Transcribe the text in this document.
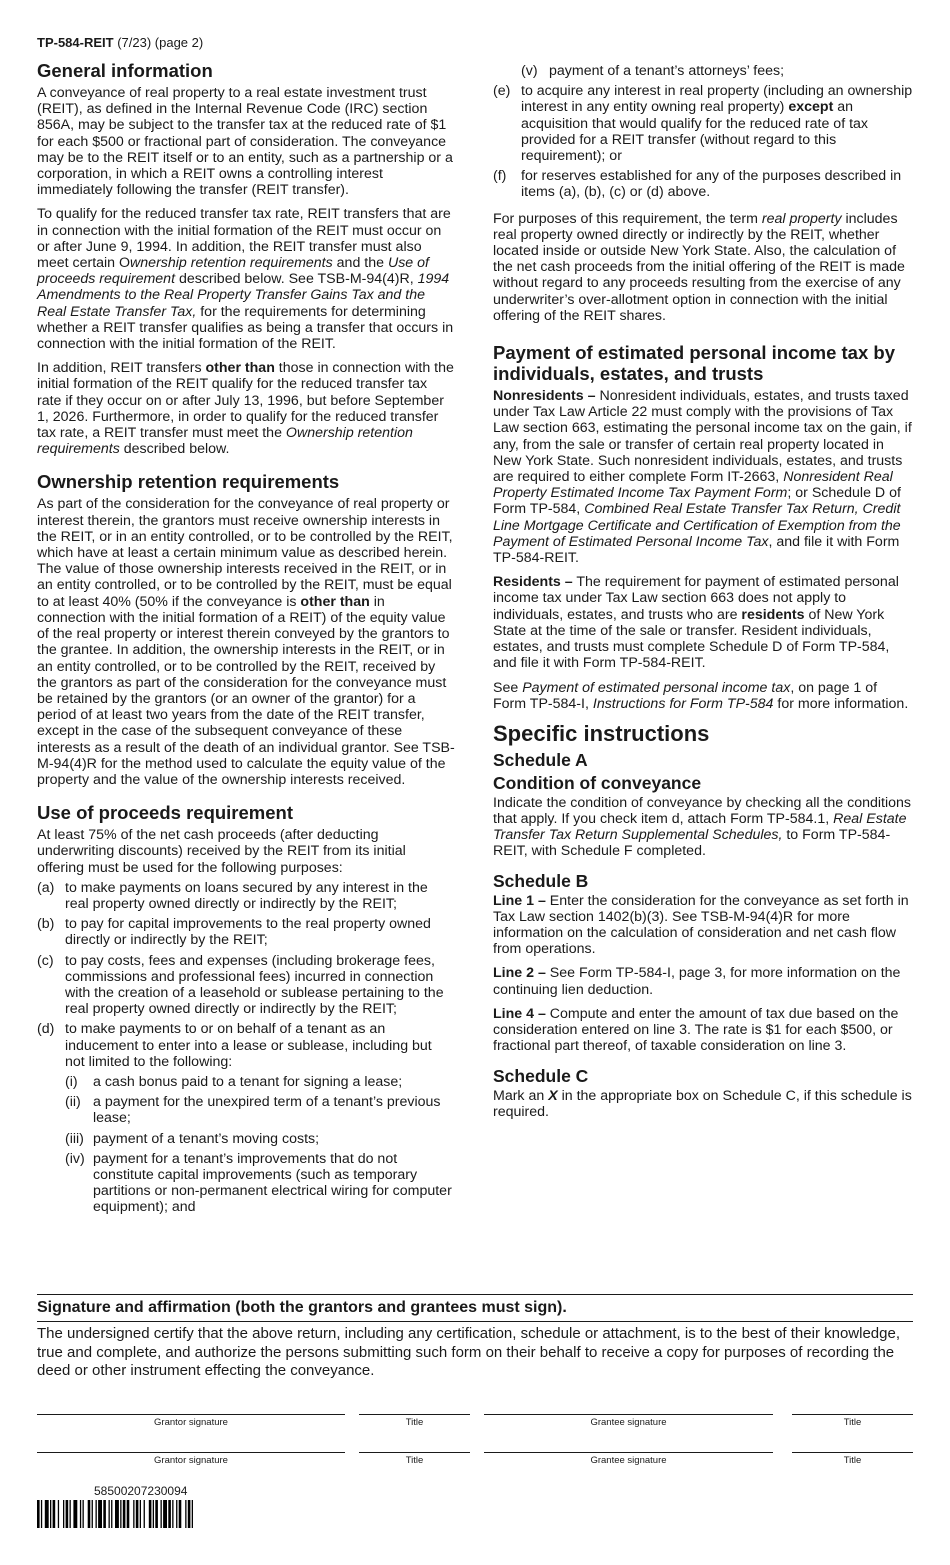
TP-584-REIT (7/23) (page 2)
General information

A conveyance of real property to a real estate investment trust (REIT), as defined in the Internal Revenue Code (IRC) section 856A, may be subject to the transfer tax at the reduced rate of $1 for each $500 or fractional part of consideration. The conveyance may be to the REIT itself or to an entity, such as a partnership or a corporation, in which a REIT owns a controlling interest immediately following the transfer (REIT transfer).

To qualify for the reduced transfer tax rate, REIT transfers that are in connection with the initial formation of the REIT must occur on or after June 9, 1994. In addition, the REIT transfer must also meet certain Ownership retention requirements and the Use of proceeds requirement described below. See TSB-M-94(4)R, 1994 Amendments to the Real Property Transfer Gains Tax and the Real Estate Transfer Tax, for the requirements for determining whether a REIT transfer qualifies as being a transfer that occurs in connection with the initial formation of the REIT.

In addition, REIT transfers other than those in connection with the initial formation of the REIT qualify for the reduced transfer tax rate if they occur on or after July 13, 1996, but before September 1, 2026. Furthermore, in order to qualify for the reduced transfer tax rate, a REIT transfer must meet the Ownership retention requirements described below.

Ownership retention requirements

As part of the consideration for the conveyance of real property or interest therein, the grantors must receive ownership interests in the REIT, or in an entity controlled, or to be controlled by the REIT, which have at least a certain minimum value as described herein. The value of those ownership interests received in the REIT, or in an entity controlled, or to be controlled by the REIT, must be equal to at least 40% (50% if the conveyance is other than in connection with the initial formation of a REIT) of the equity value of the real property or interest therein conveyed by the grantors to the grantee. In addition, the ownership interests in the REIT, or in an entity controlled, or to be controlled by the REIT, received by the grantors as part of the consideration for the conveyance must be retained by the grantors (or an owner of the grantor) for a period of at least two years from the date of the REIT transfer, except in the case of the subsequent conveyance of these interests as a result of the death of an individual grantor. See TSB-M-94(4)R for the method used to calculate the equity value of the property and the value of the ownership interests received.

Use of proceeds requirement

At least 75% of the net cash proceeds (after deducting underwriting discounts) received by the REIT from its initial offering must be used for the following purposes:

(a) to make payments on loans secured by any interest in the real property owned directly or indirectly by the REIT;
(b) to pay for capital improvements to the real property owned directly or indirectly by the REIT;
(c) to pay costs, fees and expenses (including brokerage fees, commissions and professional fees) incurred in connection with the creation of a leasehold or sublease pertaining to the real property owned directly or indirectly by the REIT;
(d) to make payments to or on behalf of a tenant as an inducement to enter into a lease or sublease, including but not limited to the following:
(i)	a cash bonus paid to a tenant for signing a lease;
(ii) a payment for the unexpired term of a tenant’s previous lease;
(iii) payment of a tenant’s moving costs;
(iv) payment for a tenant’s improvements that do not constitute capital improvements (such as temporary partitions or non-permanent electrical wiring for computer equipment); and
(v) payment of a tenant’s attorneys’ fees;
(e) to acquire any interest in real property (including an ownership interest in any entity owning real property) except an acquisition that would qualify for the reduced rate of tax provided for a REIT transfer (without regard to this requirement); or
(f)	for reserves established for any of the purposes described in items (a), (b), (c) or (d) above.

For purposes of this requirement, the term real property includes real property owned directly or indirectly by the REIT, whether located inside or outside New York State. Also, the calculation of the net cash proceeds from the initial offering of the REIT is made without regard to any proceeds resulting from the exercise of any underwriter’s over-allotment option in connection with the initial offering of the REIT shares.

Payment of estimated personal income tax by individuals, estates, and trusts

Nonresidents – Nonresident individuals, estates, and trusts taxed under Tax Law Article 22 must comply with the provisions of Tax Law section 663, estimating the personal income tax on the gain, if any, from the sale or transfer of certain real property located in New York State. Such nonresident individuals, estates, and trusts are required to either complete Form IT-2663, Nonresident Real Property Estimated Income Tax Payment Form; or Schedule D of Form TP-584, Combined Real Estate Transfer Tax Return, Credit Line Mortgage Certificate and Certification of Exemption from the Payment of Estimated Personal Income Tax, and file it with Form TP-584-REIT.

Residents – The requirement for payment of estimated personal income tax under Tax Law section 663 does not apply to individuals, estates, and trusts who are residents of New York State at the time of the sale or transfer. Resident individuals, estates, and trusts must complete Schedule D of Form TP-584, and file it with Form TP-584-REIT.

See Payment of estimated personal income tax, on page 1 of Form TP-584-I, Instructions for Form TP-584 for more information.

Specific instructions
Schedule A
Condition of conveyance

Indicate the condition of conveyance by checking all the conditions that apply. If you check item d, attach Form TP-584.1, Real Estate Transfer Tax Return Supplemental Schedules, to Form TP-584-REIT, with Schedule F completed.

Schedule B

Line 1 – Enter the consideration for the conveyance as set forth in Tax Law section 1402(b)(3). See TSB-M-94(4)R for more information on the calculation of consideration and net cash flow from operations.

Line 2 – See Form TP-584-I, page 3, for more information on the continuing lien deduction.

Line 4 – Compute and enter the amount of tax due based on the consideration entered on line 3. The rate is $1 for each $500, or fractional part thereof, of taxable consideration on line 3.

Schedule C

Mark an X in the appropriate box on Schedule C, if this schedule is required.

Signature and affirmation (both the grantors and grantees must sign).
The undersigned certify that the above return, including any certification, schedule or attachment, is to the best of their knowledge, true and complete, and authorize the persons submitting such form on their behalf to receive a copy for purposes of recording the deed or other instrument effecting the conveyance.
Grantor signature	Title	Grantee signature	Title
Grantor signature	Title	Grantee signature	Title
58500207230094
